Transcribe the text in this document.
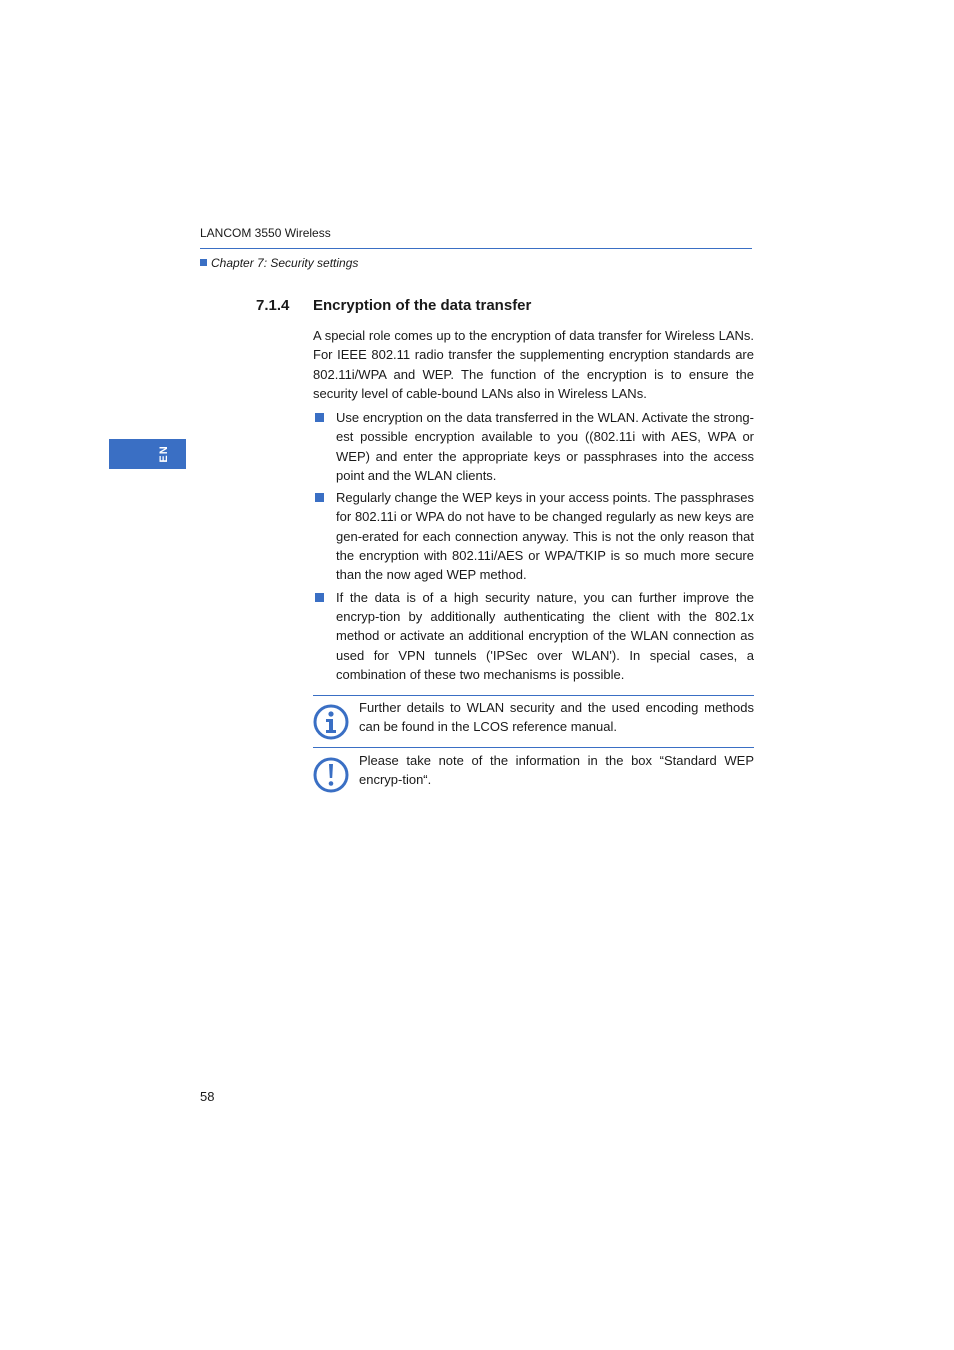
LANCOM 3550 Wireless
Chapter 7: Security settings
EN
7.1.4 Encryption of the data transfer
A special role comes up to the encryption of data transfer for Wireless LANs. For IEEE 802.11 radio transfer the supplementing encryption standards are 802.11i/WPA and WEP. The function of the encryption is to ensure the security level of cable-bound LANs also in Wireless LANs.
Use encryption on the data transferred in the WLAN. Activate the strong-est possible encryption available to you ((802.11i with AES, WPA or WEP) and enter the appropriate keys or passphrases into the access point and the WLAN clients.
Regularly change the WEP keys in your access points. The passphrases for 802.11i or WPA do not have to be changed regularly as new keys are gen-erated for each connection anyway. This is not the only reason that the encryption with 802.11i/AES or WPA/TKIP is so much more secure than the now aged WEP method.
If the data is of a high security nature, you can further improve the encryp-tion by additionally authenticating the client with the 802.1x method or activate an additional encryption of the WLAN connection as used for VPN tunnels ('IPSec over WLAN'). In special cases, a combination of these two mechanisms is possible.
Further details to WLAN security and the used encoding methods can be found in the LCOS reference manual.
Please take note of the information in the box “Standard WEP encryp-tion“.
58
